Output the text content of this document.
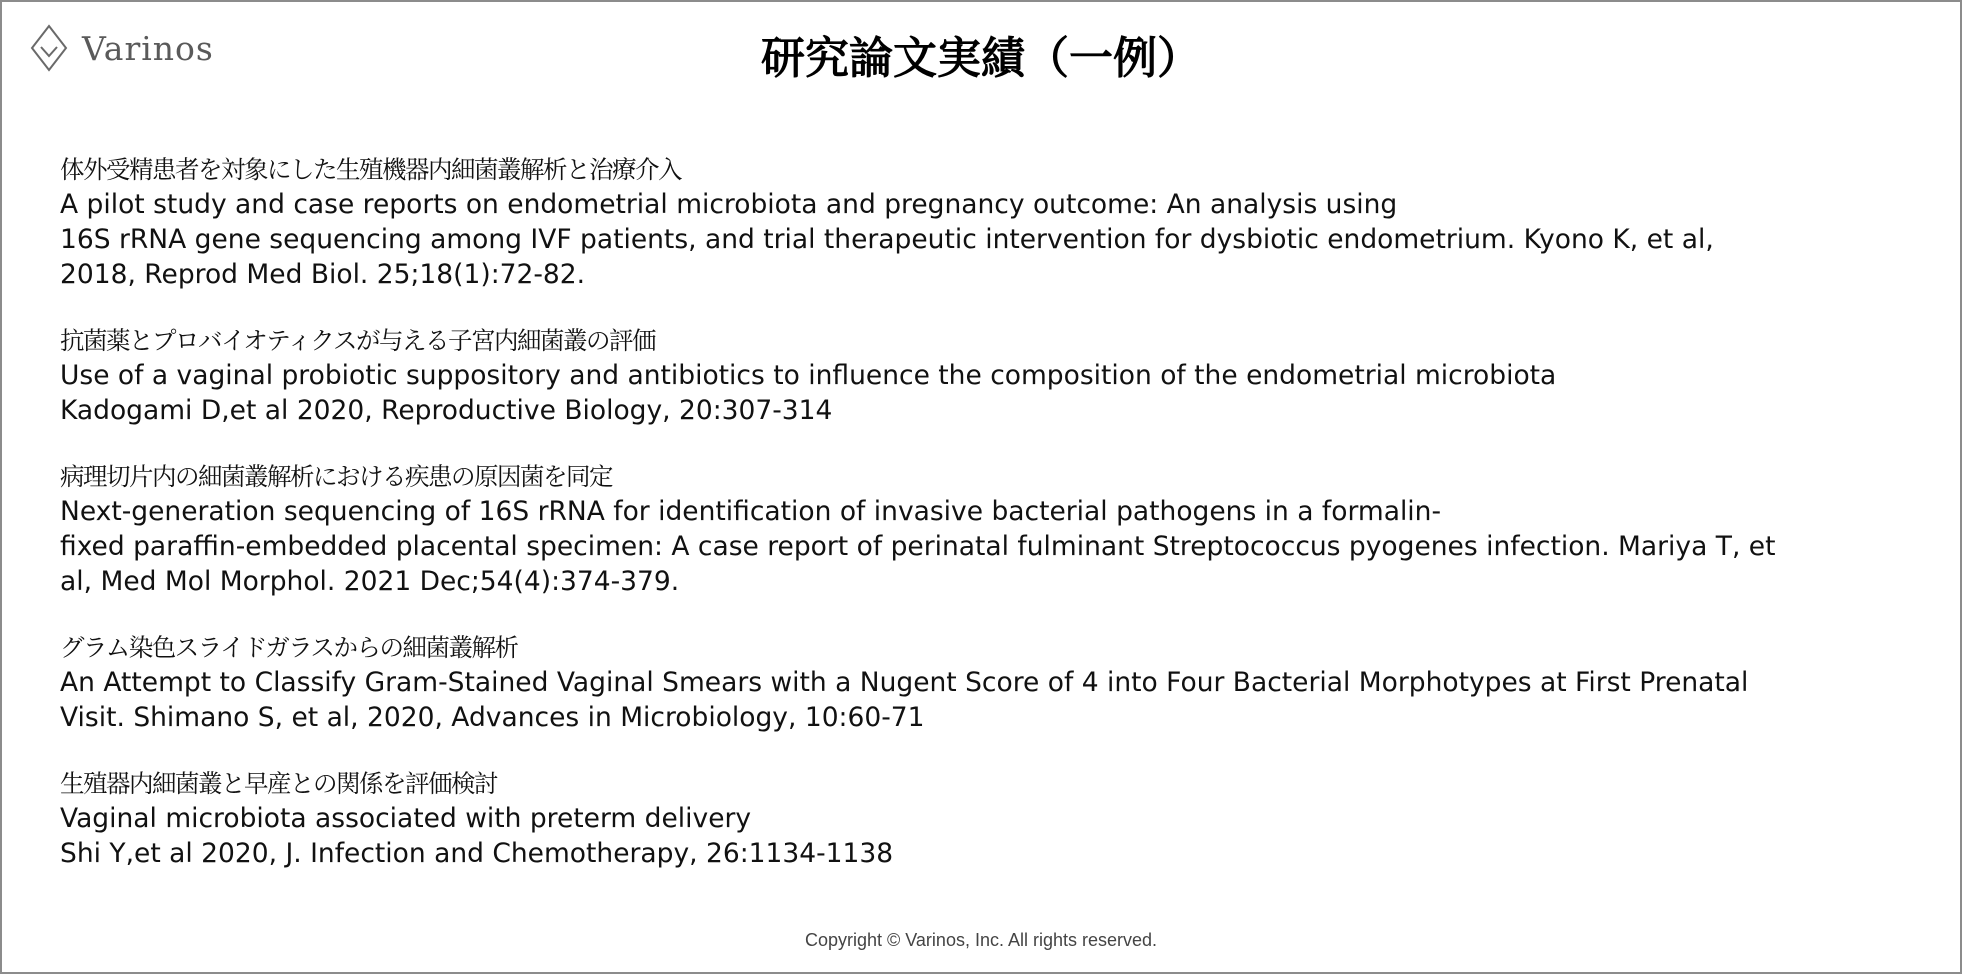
Varinos	研究論文実績（一例）
体外受精患者を対象にした生殖機器内細菌叢解析と治療介入
A pilot study and case reports on endometrial microbiota and pregnancy outcome: An analysis using
16S rRNA gene sequencing among IVF patients, and trial therapeutic intervention for dysbiotic endometrium. Kyono K, et al,
2018, Reprod Med Biol. 25;18(1):72-82.
抗菌薬とプロバイオティクスが与える子宮内細菌叢の評価
Use of a vaginal probiotic suppository and antibiotics to influence the composition of the endometrial microbiota
Kadogami D,et al 2020, Reproductive Biology, 20:307-314
病理切片内の細菌叢解析における疾患の原因菌を同定
Next-generation sequencing of 16S rRNA for identification of invasive bacterial pathogens in a formalin-
fixed paraffin-embedded placental specimen: A case report of perinatal fulminant Streptococcus pyogenes infection. Mariya T, et
al, Med Mol Morphol. 2021 Dec;54(4):374-379.
グラム染色スライドガラスからの細菌叢解析
An Attempt to Classify Gram-Stained Vaginal Smears with a Nugent Score of 4 into Four Bacterial Morphotypes at First Prenatal
Visit. Shimano S, et al, 2020, Advances in Microbiology, 10:60-71
生殖器内細菌叢と早産との関係を評価検討
Vaginal microbiota associated with preterm delivery
Shi Y,et al 2020, J. Infection and Chemotherapy, 26:1134-1138
Copyright © Varinos, Inc. All rights reserved.
